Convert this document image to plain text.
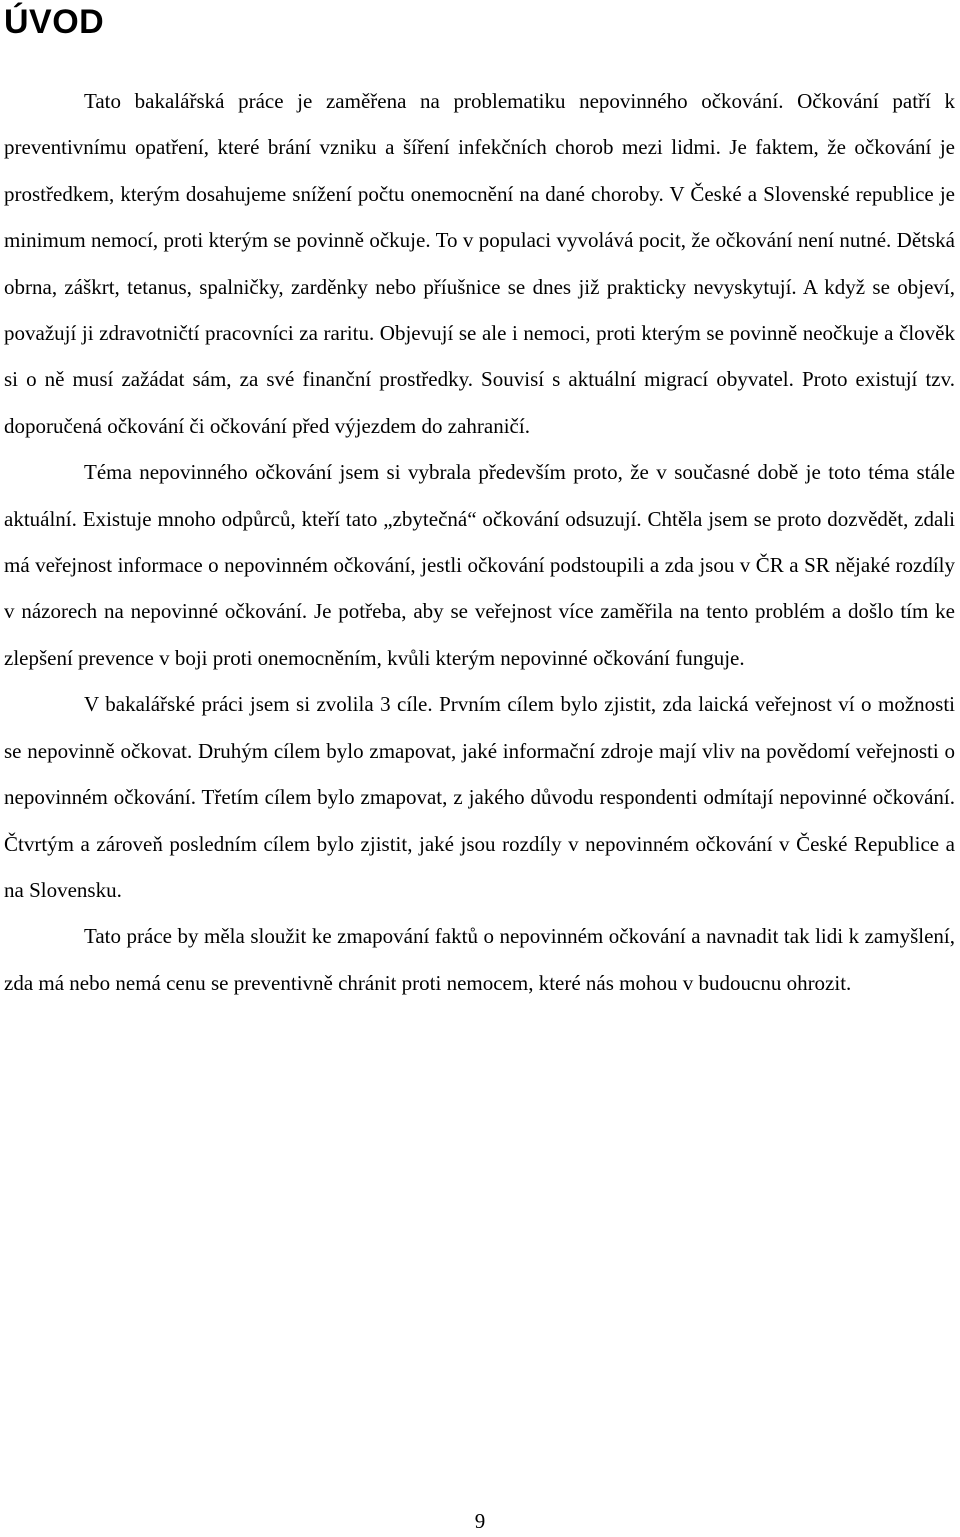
ÚVOD

Tato bakalářská práce je zaměřena na problematiku nepovinného očkování. Očkování patří k preventivnímu opatření, které brání vzniku a šíření infekčních chorob mezi lidmi. Je faktem, že očkování je prostředkem, kterým dosahujeme snížení počtu onemocnění na dané choroby. V České a Slovenské republice je minimum nemocí, proti kterým se povinně očkuje. To v populaci vyvolává pocit, že očkování není nutné. Dětská obrna, záškrt, tetanus, spalničky, zarděnky nebo příušnice se dnes již prakticky nevyskytují. A když se objeví, považují ji zdravotničtí pracovníci za raritu. Objevují se ale i nemoci, proti kterým se povinně neočkuje a člověk si o ně musí zažádat sám, za své finanční prostředky. Souvisí s aktuální migrací obyvatel. Proto existují tzv. doporučená očkování či očkování před výjezdem do zahraničí.

Téma nepovinného očkování jsem si vybrala především proto, že v současné době je toto téma stále aktuální. Existuje mnoho odpůrců, kteří tato „zbytečná“ očkování odsuzují. Chtěla jsem se proto dozvědět, zdali má veřejnost informace o nepovinném očkování, jestli očkování podstoupili a zda jsou v ČR a SR nějaké rozdíly v názorech na nepovinné očkování. Je potřeba, aby se veřejnost více zaměřila na tento problém a došlo tím ke zlepšení prevence v boji proti onemocněním, kvůli kterým nepovinné očkování funguje.

V bakalářské práci jsem si zvolila 3 cíle. Prvním cílem bylo zjistit, zda laická veřejnost ví o možnosti se nepovinně očkovat. Druhým cílem bylo zmapovat, jaké informační zdroje mají vliv na povědomí veřejnosti o nepovinném očkování. Třetím cílem bylo zmapovat, z jakého důvodu respondenti odmítají nepovinné očkování. Čtvrtým a zároveň posledním cílem bylo zjistit, jaké jsou rozdíly v nepovinném očkování v České Republice a na Slovensku.

Tato práce by měla sloužit ke zmapování faktů o nepovinném očkování a navnadit tak lidi k zamyšlení, zda má nebo nemá cenu se preventivně chránit proti nemocem, které nás mohou v budoucnu ohrozit.

9
